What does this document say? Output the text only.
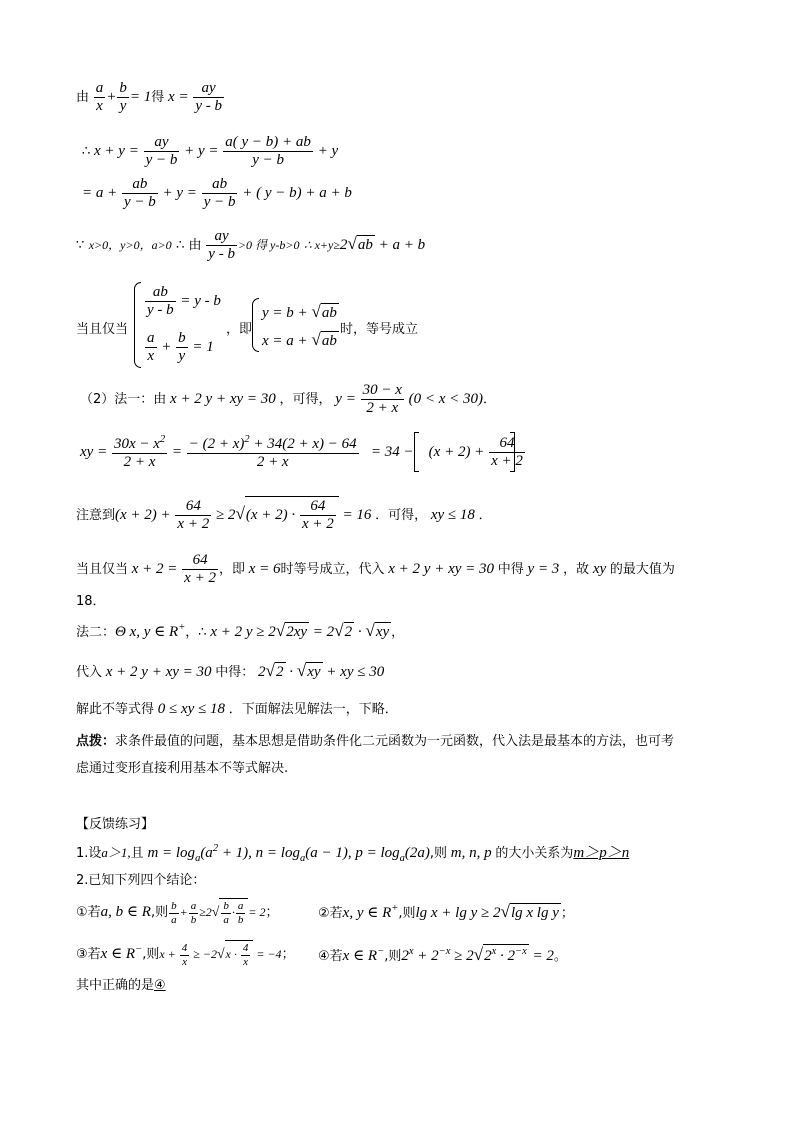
由 $\frac{a}{x} + \frac{b}{y} = 1$得 $x = \frac{ay}{y - b}$
∴ $x + y = \frac{ay}{y - b} + y = \frac{a( y - b) + ab}{y - b} + y$
= $a + \frac{ab}{y - b} + y = \frac{ab}{y - b}$ + ( y − b) + a + b
∵ x>0，y>0，a>0 ∴ 由 $\frac{ay}{y - b} >0$ 得 y-b>0 ∴ x+y≥2√ab + a + b
$\frac{ab}{y - b} = y - b$
$\frac{a}{x} + \frac{b}{y} = 1$
当且仅当	，即
y = b + √ab
x = a + √ab
时，等号成立
（2）法一：由 x + 2 y + xy = 30 ，可得， $y = \frac{30 - x}{2 + x} (0 < x < 30)$．
xy = $\frac{30x - x^2}{2 + x} = \frac{- (2 + x)^2 + 34(2 + x) - 64}{2 + x} = 34$ −    $(x + 2) + \frac{64}{x + 2}$
注意到$(x + 2) + \frac{64}{x + 2} \ge 2√(x + 2) \cdot \frac{64}{x + 2} = 16$ ．可得， xy ≤ 18 ．
当且仅当 $x + 2 = \frac{64}{x + 2}$ ，即 x = 6时等号成立，代入 x + 2 y + xy = 30 中得 y = 3 ，故 xy 的最大值为
18．
法二：Θ x, y ∈ R+，∴ x + 2 y ≥ 2√2xy = 2√2 · √xy ，
代入 x + 2 y + xy = 30 中得： 2√2 · √xy + xy ≤ 30
解此不等式得 0 ≤ xy ≤ 18 ．下面解法见解法一，下略．
点拨：求条件最值的问题，基本思想是借助条件化二元函数为一元函数，代入法是最基本的方法，也可考
虑通过变形直接利用基本不等式解决.
【反馈练习】
1.设a＞1,且 $m = \log_a(a^2 + 1)$, $n = \log_a(a - 1)$, $p = \log_a(2a)$,则 m, n, p 的大小关系为m＞p＞n
2.已知下列四个结论：
①若a, b ∈ R,则 $\frac{b}{a} + \frac{a}{b} \ge 2√ \frac{b}{a} \cdot \frac{a}{b} = 2$；	②若x, y ∈ R+,则lg x + lg y ≥ 2√lg x lg y ；
③若x ∈ R−,则$x + \frac{4}{x} \ge -2√x \cdot \frac{4}{x} = -4$； ④若x ∈ R−,则$2^x + 2^{-x} \ge 2√2^x \cdot 2^{-x} = 2$。
其中正确的是④
